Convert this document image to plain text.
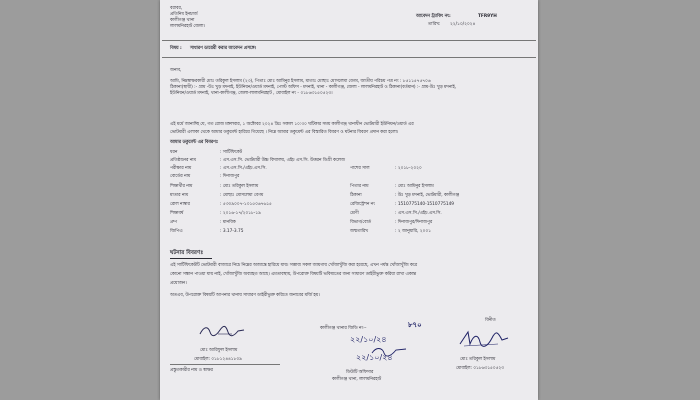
বরাবর,
প্রতিনিধ ইনচার্জ
কালীগঞ্জ থানা
লালমনিরহাট জেলা।
আবেদন ট্র্যাকিং নং:	TFR9YH
তারিখ: ২২/১০/২০২৪
বিষয় : সাধারণ ডায়েরী করার আবেদন প্রসঙ্গে।
জনাব,
আমি, নিম্নস্বাক্ষরকারী মোঃ তরিকুল ইসলাম (২৩), পিতাঃ মোঃ আমিনুর ইসলাম, মাতাঃ মোছাঃ মোসলেমা বেগম, জাতীয় পরিচয় পত্র নং : ৮৫১১৫৭৫৭০৬
ঠিকানা(স্থায়ী) :- গ্রাম -উঃ খুড় মদনাই, ইউনিয়ন/ওয়ার্ড মদনাই, পোস্ট অফিস - মদনাই, থানা - কালীগঞ্জ, জেলা - লালমনিরহাট ও ঠিকানা(বর্তমান) :- গ্রাম-উঃ খুড় মদনাই,
ইউনিয়ন/ওয়ার্ড মদনাই, থানা-কালীগঞ্জ, জেলা-লালমনিরহাট , মোবাইল নং - ০১৮৬৩১৫০৫২৩।
এই মর্মে জানাচ্ছি যে, গত রোজ মঙ্গলবার, ১ অক্টোবর ২০২৪ খ্রিঃ সকাল ১০:৩০ ঘটিকার সময় কালীগঞ্জ থানাধীন ভোটমারী ইউনিয়ন/ওয়ার্ড এর
ভোটমারী এলাকা থেকে আমার ডকুমেন্ট হারিয়ে গিয়েছে । নিম্নে আমার ডকুমেন্ট এর বিস্তারিত বিবরণ ও ঘটনার বিবরণ প্রদান করা হলো।
আমার ডকুমেন্ট এর বিবরণঃ
ধরন	: সার্টিফিকেট
প্রতিষ্ঠানের নাম	: এস.এস.সি. ভোটমারী উচ্চ বিদ্যালয়, এইচ এস.সি. উত্তরন ডিগ্রী কলেজ
পরীক্ষার নাম	: এস.এস.সি./এইচ.এস.সি.
বোর্ডের নাম	: দিনাজপুর
শিক্ষার্থীর নাম	: মোঃ তরিকুল ইসলাম
মাতার নাম	: মোছাঃ মোসলেমা বেগম
রোল নাম্বার	: ৫৩০৯০০৭-১০১৫০৬৭৬১৫
শিক্ষাবর্ষ	: ২০১৬-১৭/২০১৮-১৯
গ্রুপ	: মানবিক
জিপিএ	: 3.17-3.75
পাশের সাল	: ২০১৮-২০২০
পিতার নাম	: মোঃ আমিনুর ইসলাম
ঠিকানা	: উঃ খুড় মদনাই, ভোটমারী, কালীগঞ্জ
রেজিস্ট্রেশন নং	: 1510775140-1510775149
শ্রেণী	: এস.এস.সি./এইচ.এস.সি.
বিভাগ/বোর্ড	: দিনাজপুর/দিনাজপুর
জন্মতারিখ	: ২ জানুয়ারি, ২০০১
ঘটনার বিবরণঃ
এই সার্টিফিকেটটি ভোটমারী বাজারে নিচে নিম্নের অজান্তে হারিয়ে যায়। সম্ভাব্য সকল জায়গায় খোঁজাখুঁজি করা হয়েছে, এখন পর্যন্ত খোঁজাখুঁজি করে
কোনো সন্ধান পাওয়া যায় নাই, খোঁজাখুঁজি অব্যাহত আছে। এমতাবস্থায়, উপরোক্ত বিষয়টি ভবিষ্যতের জন্য সাধারণ ডাইরীভুক্ত করিয়া রাখা একান্ত
প্রয়োজন।
অতএব, উপরোক্ত বিষয়টি আপনার থানায় সাধারণ ডাইরীভুক্ত করিতে জনাবের মর্জি হয়।
মোঃ আরিফুল ইসলাম
মোবাইল: ০১৮১২৪৪১৮০৯
প্রস্তুতকারীর নাম ও স্বাক্ষর
কালীগঞ্জ থানার জিডি নং--	৮৭০
২২/১০/২৪
২২/১০/২৪
ডিউটি অফিসার
কালীগঞ্জ থানা, লালমনিরহাট
বিনীত
মোঃ তরিকুল ইসলাম
মোবাইল: ০১৮৬৩১৫০৫২৩
